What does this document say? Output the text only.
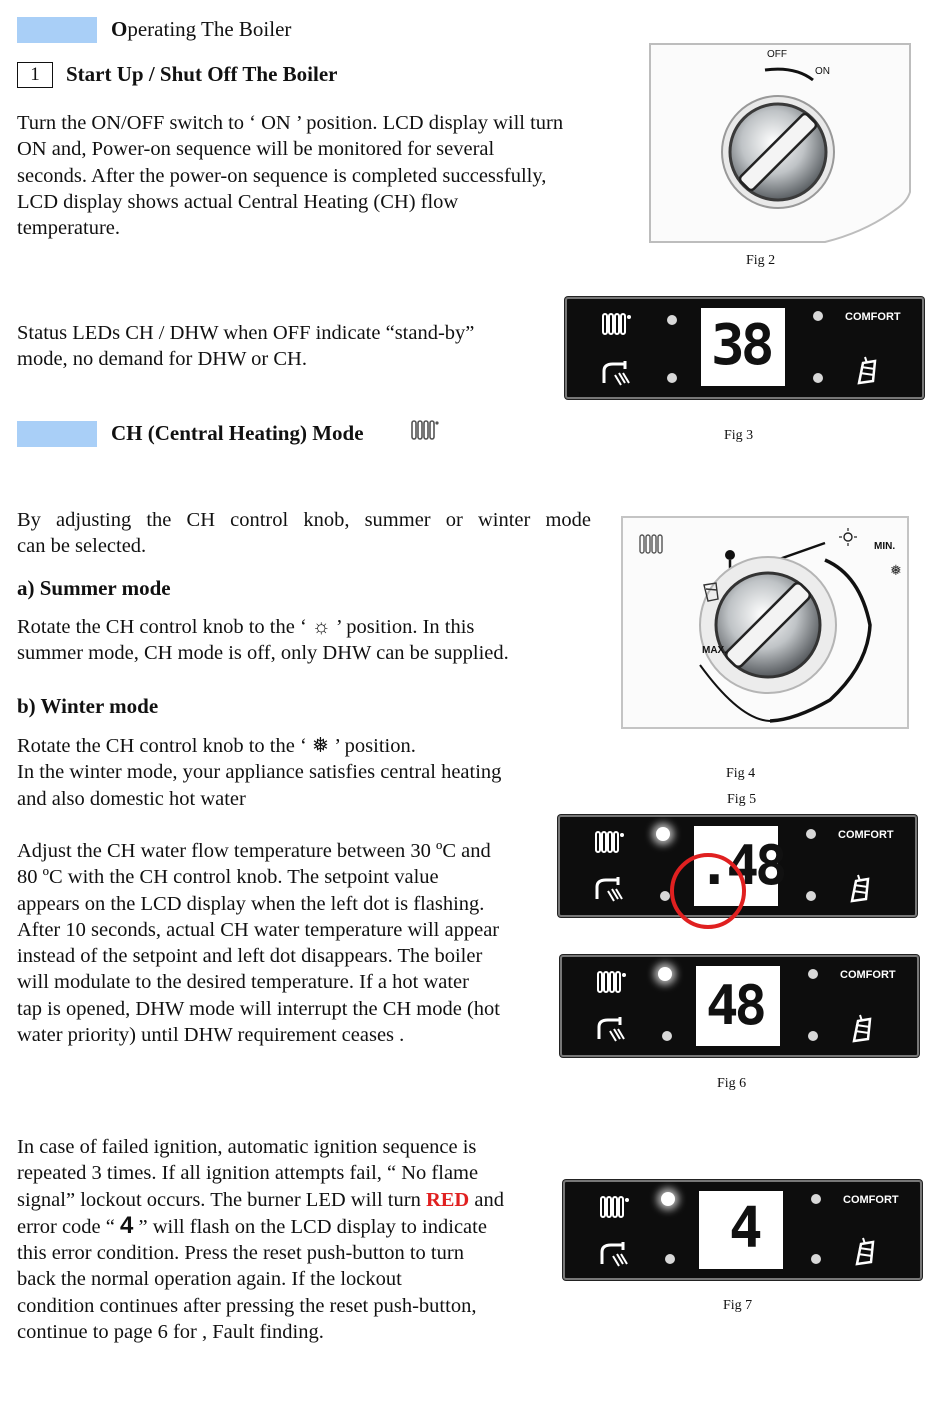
Operating The Boiler
1	Start Up / Shut Off The Boiler
Turn the ON/OFF switch to ‘ ON ’ position. LCD display will turn
ON and, Power-on sequence will be monitored for several
seconds. After the power-on sequence is completed successfully,
LCD display shows actual Central Heating (CH) flow
temperature.
OFF
ON
Fig 2
Status LEDs CH / DHW when OFF indicate “stand-by”
mode, no demand for DHW or CH.	38	COMFORT
Fig 3
CH (Central Heating) Mode
By adjusting the CH control knob, summer or winter mode
can be selected.
a) Summer mode
Rotate the CH control knob to the ‘ ☼ ’ position. In this
summer mode, CH mode is off, only DHW can be supplied.
b) Winter mode
Rotate the CH control knob to the ‘ ❅ ’ position.
In the winter mode, your appliance satisfies central heating
and also domestic hot water
❅
MIN.
MAX.
Fig 4
Fig 5
.48	COMFORT
Adjust the CH water flow temperature between 30 ºC and
80 ºC with the CH control knob. The setpoint value
appears on the LCD display when the left dot is flashing.
After 10 seconds, actual CH water temperature will appear
instead of the setpoint and left dot disappears. The boiler
will modulate to the desired temperature. If a hot water
tap is opened, DHW mode will interrupt the CH mode (hot
water priority) until DHW requirement ceases .	48	COMFORT
Fig 6
In case of failed ignition, automatic ignition sequence is
repeated 3 times. If all ignition attempts fail, “ No flame
signal” lockout occurs. The burner LED will turn RED and
error code “ 4 ” will flash on the LCD display to indicate
this error condition. Press the reset push-button to turn
back the normal operation again. If the lockout
condition continues after pressing the reset push-button,
continue to page 6 for , Fault finding.
4	COMFORT
Fig 7
